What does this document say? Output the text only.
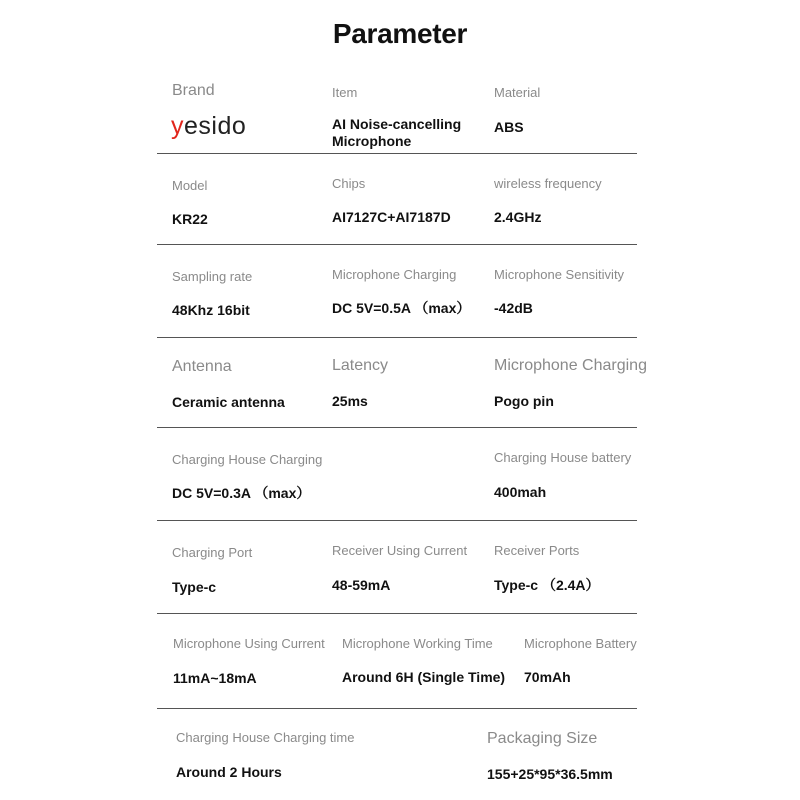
Parameter
Brand
yesido
Item
AI Noise-cancelling
Microphone
Material
ABS
Model
KR22
Chips
AI7127C+AI7187D
wireless frequency
2.4GHz
Sampling rate
48Khz 16bit
Microphone Charging
DC 5V=0.5A （max）
Microphone Sensitivity
-42dB
Antenna
Ceramic antenna
Latency
25ms
Microphone Charging
Pogo pin
Charging House Charging
DC 5V=0.3A （max）
Charging House battery
400mah
Charging Port
Type-c
Receiver Using Current
48-59mA
Receiver Ports
Type-c （2.4A）
Microphone Using Current
11mA~18mA
Microphone Working Time
Around 6H (Single Time)
Microphone Battery
70mAh
Charging House Charging time
Around 2 Hours
Packaging Size
155+25*95*36.5mm
